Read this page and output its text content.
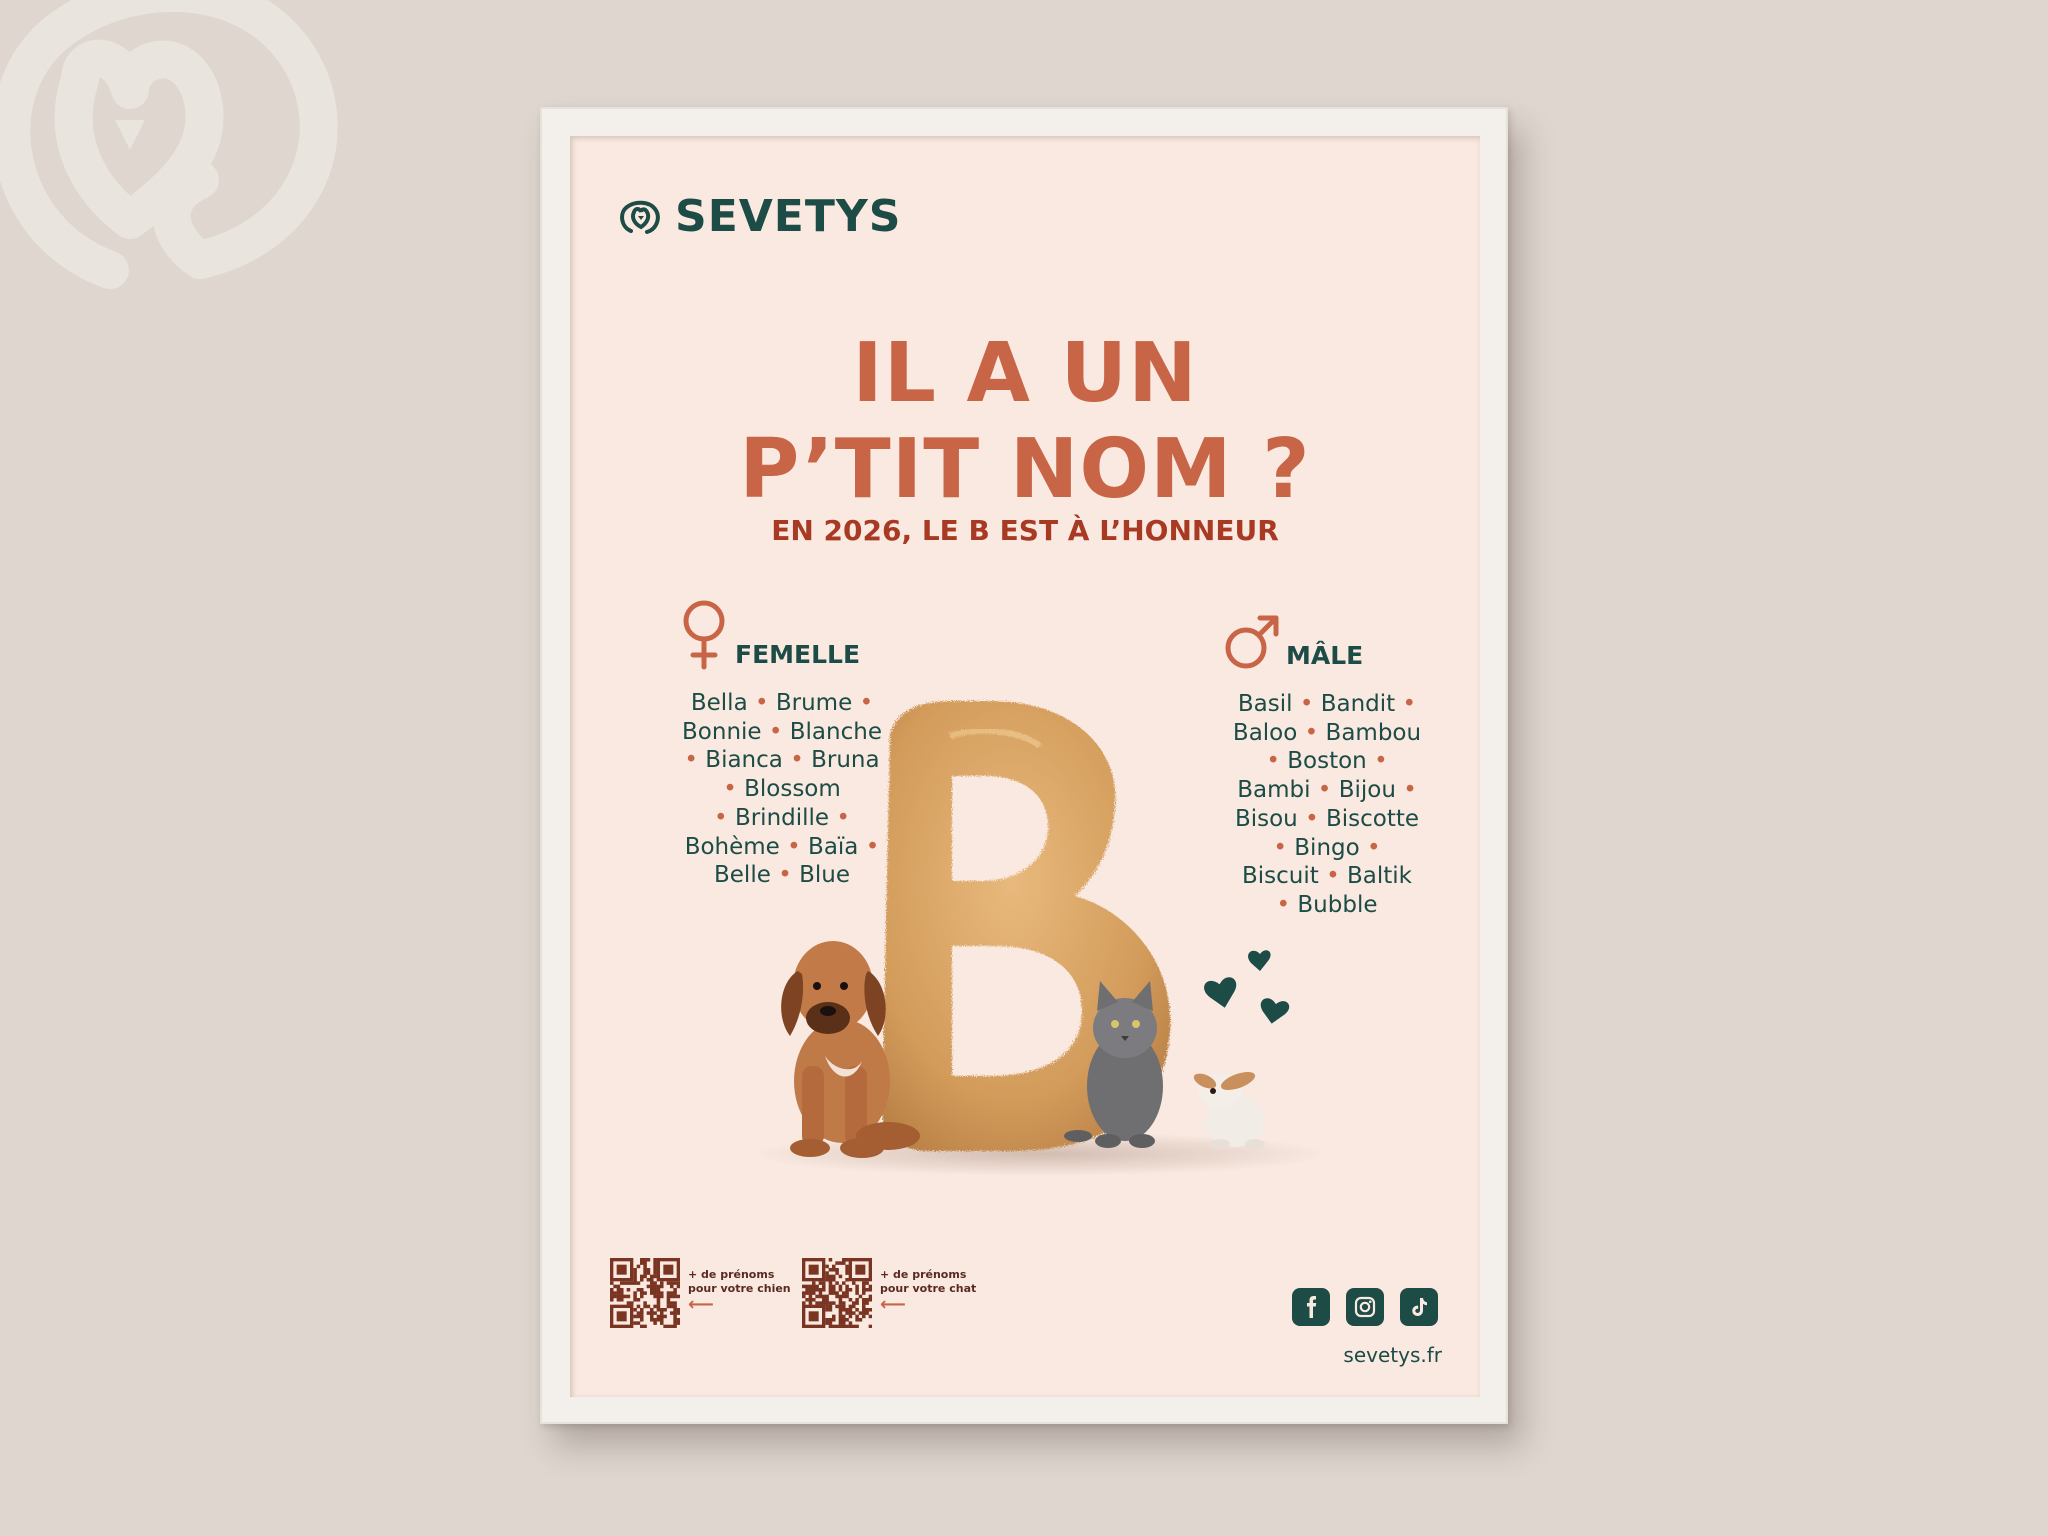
SEVETYS
IL A UN
P’TIT NOM ?
EN 2026, LE B EST À L’HONNEUR
FEMELLE
Bella • Brume •
Bonnie • Blanche
• Bianca • Bruna
• Blossom
• Brindille •
Bohème • Baïa •
Belle • Blue
MÂLE
Basil • Bandit •
Baloo • Bambou
• Boston •
Bambi • Bijou •
Bisou • Biscotte
• Bingo •
Biscuit • Baltik
• Bubble
+ de prénoms
pour votre chien
⟵
+ de prénoms
pour votre chat
⟵
sevetys.fr
